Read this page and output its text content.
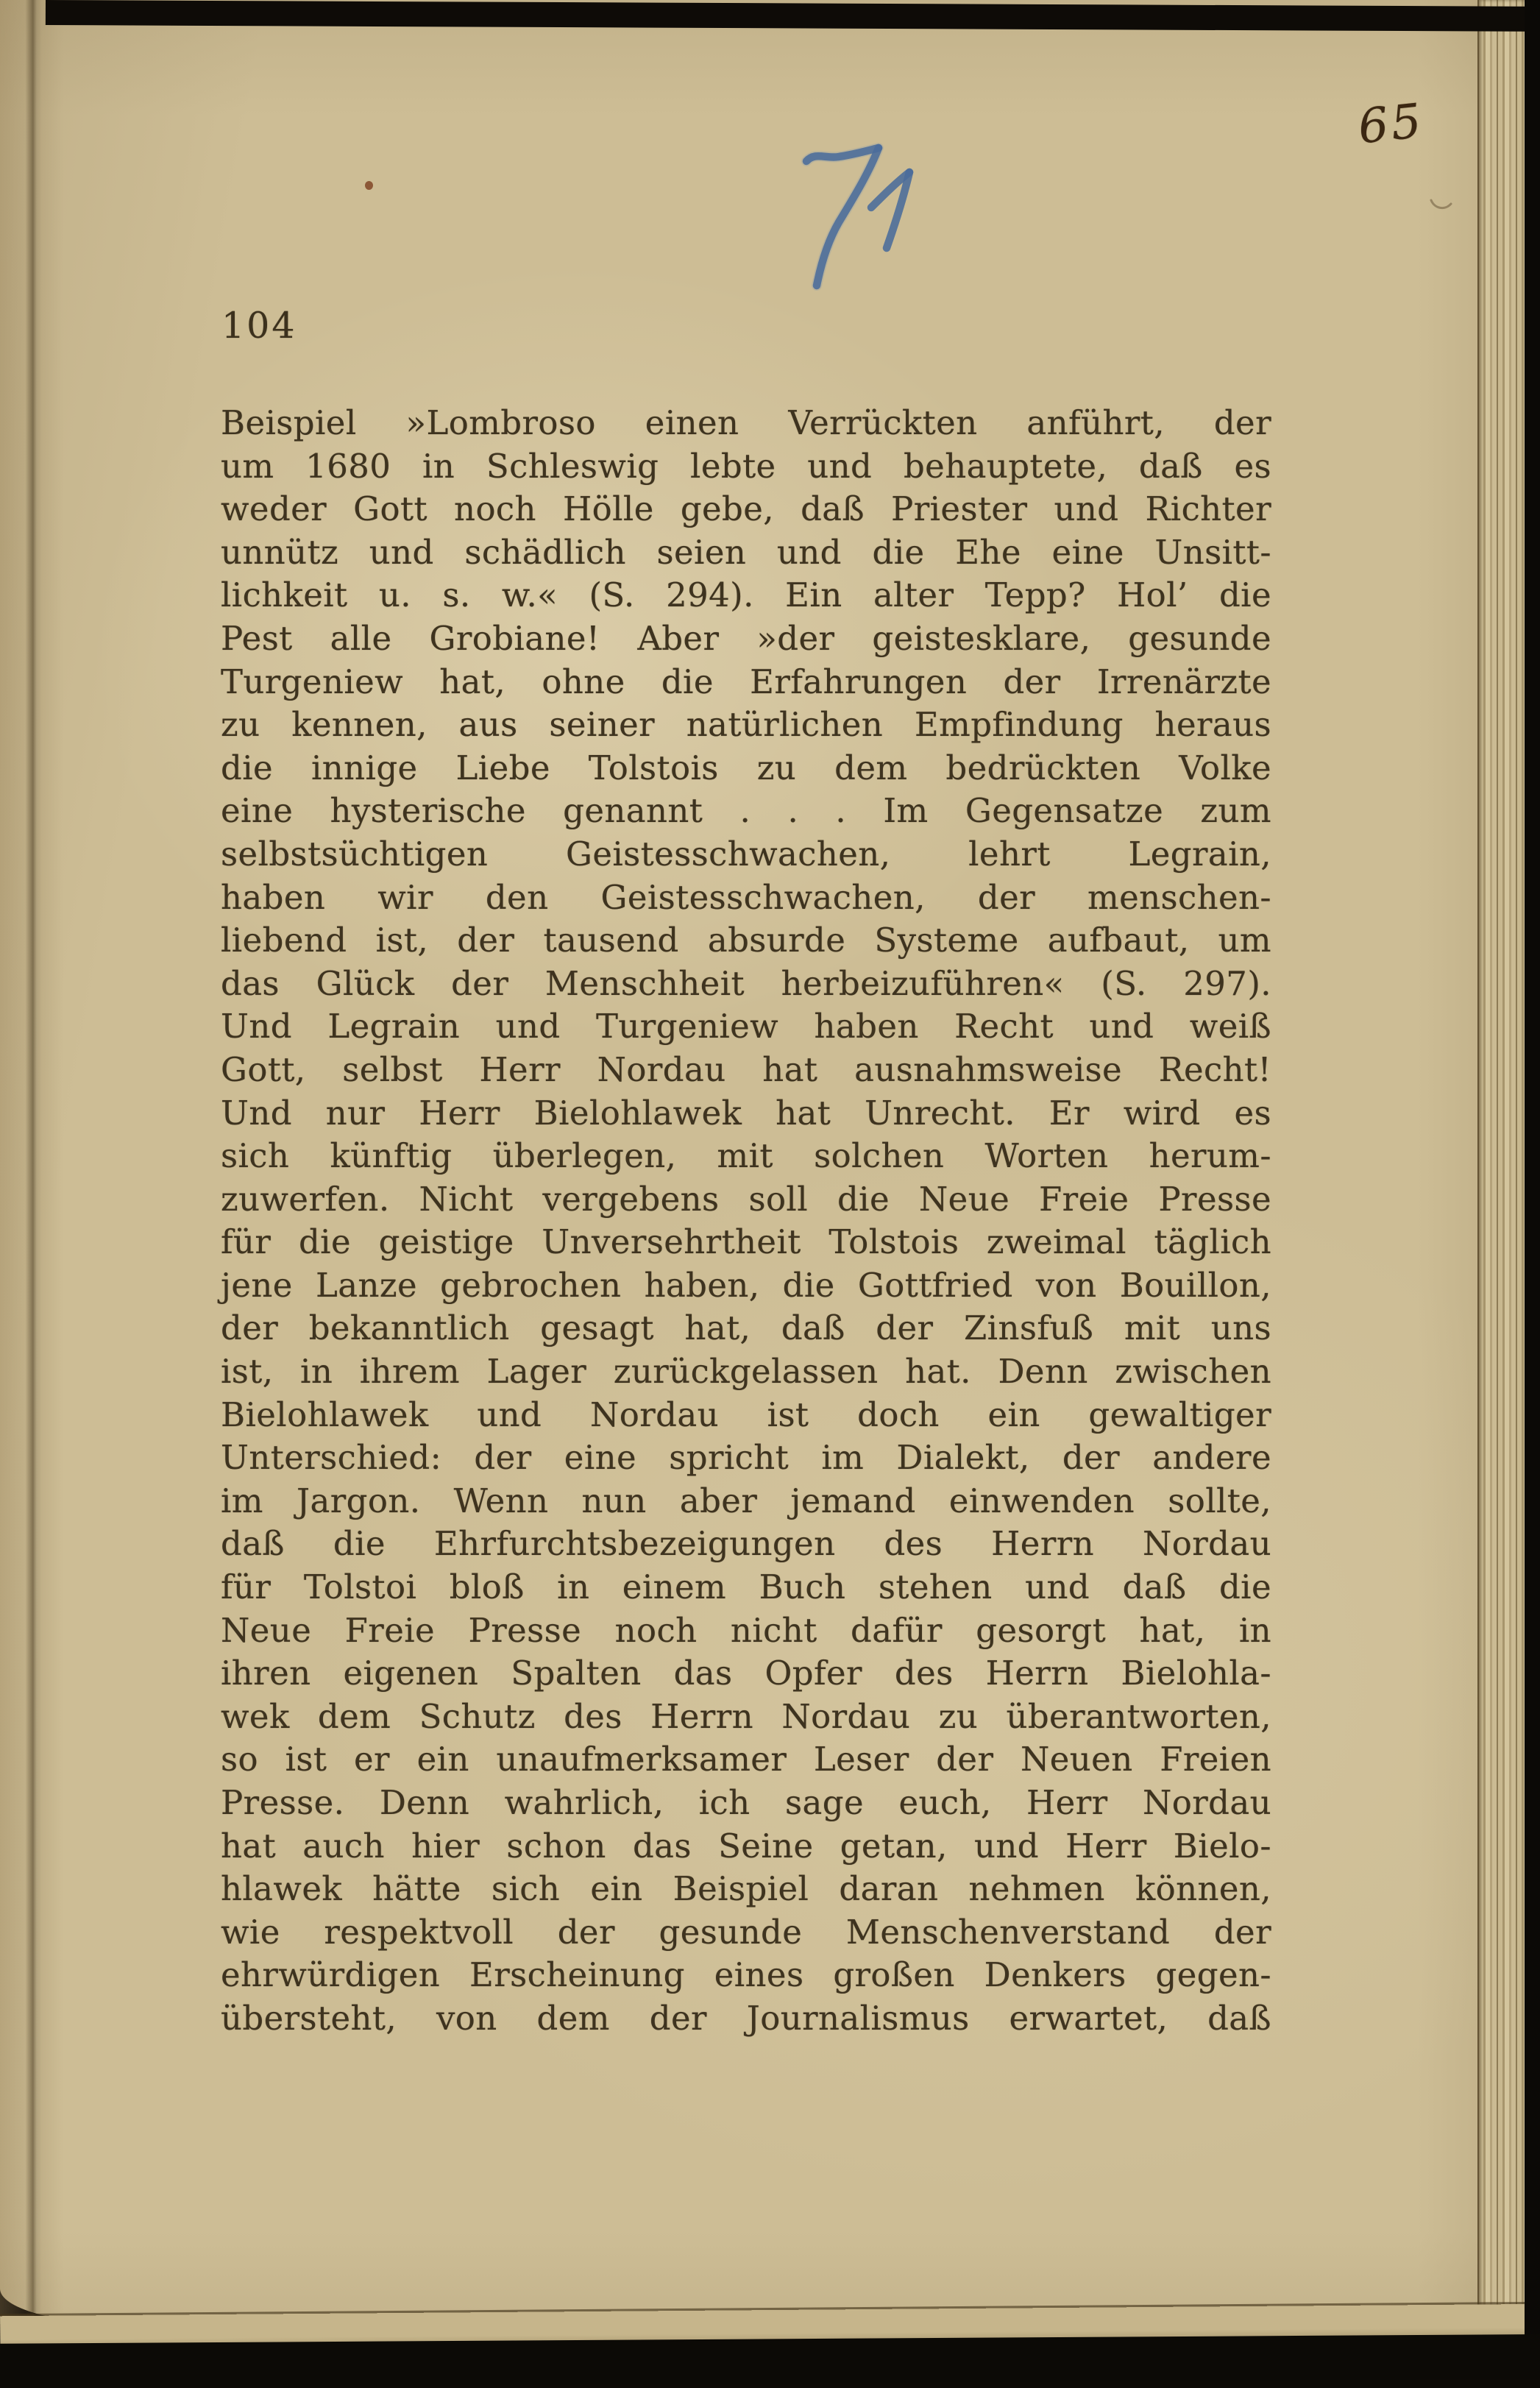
104
65
Beispiel »Lombroso einen Verrückten anführt, der
um 1680 in Schleswig lebte und behauptete, daß es
weder Gott noch Hölle gebe, daß Priester und Richter
unnütz und schädlich seien und die Ehe eine Unsitt-
lichkeit u. s. w.« (S. 294). Ein alter Tepp? Hol’ die
Pest alle Grobiane! Aber »der geistesklare, gesunde
Turgeniew hat, ohne die Erfahrungen der Irrenärzte
zu kennen, aus seiner natürlichen Empfindung heraus
die innige Liebe Tolstois zu dem bedrückten Volke
eine hysterische genannt . . . Im Gegensatze zum
selbstsüchtigen Geistesschwachen, lehrt Legrain,
haben wir den Geistesschwachen, der menschen-
liebend ist, der tausend absurde Systeme aufbaut, um
das Glück der Menschheit herbeizuführen« (S. 297).
Und Legrain und Turgeniew haben Recht und weiß
Gott, selbst Herr Nordau hat ausnahmsweise Recht!
Und nur Herr Bielohlawek hat Unrecht. Er wird es
sich künftig überlegen, mit solchen Worten herum-
zuwerfen. Nicht vergebens soll die Neue Freie Presse
für die geistige Unversehrtheit Tolstois zweimal täglich
jene Lanze gebrochen haben, die Gottfried von Bouillon,
der bekanntlich gesagt hat, daß der Zinsfuß mit uns
ist, in ihrem Lager zurückgelassen hat. Denn zwischen
Bielohlawek und Nordau ist doch ein gewaltiger
Unterschied: der eine spricht im Dialekt, der andere
im Jargon. Wenn nun aber jemand einwenden sollte,
daß die Ehrfurchtsbezeigungen des Herrn Nordau
für Tolstoi bloß in einem Buch stehen und daß die
Neue Freie Presse noch nicht dafür gesorgt hat, in
ihren eigenen Spalten das Opfer des Herrn Bielohla-
wek dem Schutz des Herrn Nordau zu überantworten,
so ist er ein unaufmerksamer Leser der Neuen Freien
Presse. Denn wahrlich, ich sage euch, Herr Nordau
hat auch hier schon das Seine getan, und Herr Bielo-
hlawek hätte sich ein Beispiel daran nehmen können,
wie respektvoll der gesunde Menschenverstand der
ehrwürdigen Erscheinung eines großen Denkers gegen-
übersteht, von dem der Journalismus erwartet, daß
